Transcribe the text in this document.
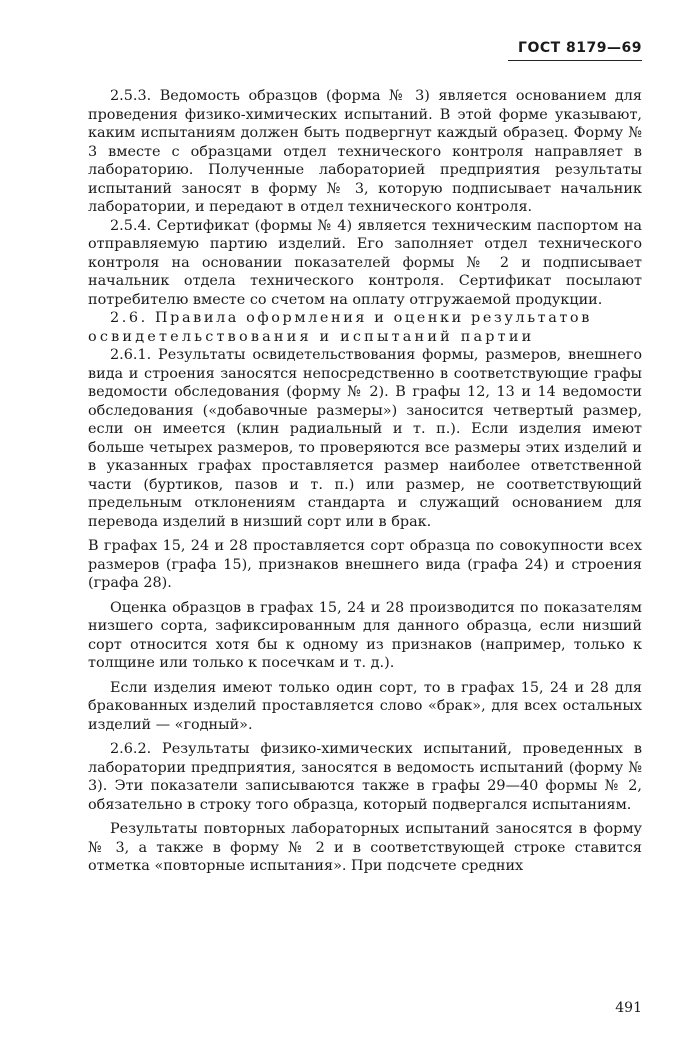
ГОСТ 8179—69

2.5.3. Ведомость образцов (форма № 3) является основанием для проведения физико-химических испытаний. В этой форме указывают, каким испытаниям должен быть подвергнут каждый образец. Форму № 3 вместе с образцами отдел технического контроля направляет в лабораторию. Полученные лабораторией предприятия результаты испытаний заносят в форму № 3, которую подписывает начальник лаборатории, и передают в отдел технического контроля.

2.5.4. Сертификат (формы № 4) является техническим паспортом на отправляемую партию изделий. Его заполняет отдел технического контроля на основании показателей формы № 2 и подписывает начальник отдела технического контроля. Сертификат посылают потребителю вместе со счетом на оплату отгружаемой продукции.

2.6. Правила оформления и оценки результатов

освидетельствования и испытаний партии

2.6.1. Результаты освидетельствования формы, размеров, внешнего вида и строения заносятся непосредственно в соответствующие графы ведомости обследования (форму № 2). В графы 12, 13 и 14 ведомости обследования («добавочные размеры») заносится четвертый размер, если он имеется (клин радиальный и т. п.). Если изделия имеют больше четырех размеров, то проверяются все размеры этих изделий и в указанных графах проставляется размер наиболее ответственной части (буртиков, пазов и т. п.) или размер, не соответствующий предельным отклонениям стандарта и служащий основанием для перевода изделий в низший сорт или в брак.

В графах 15, 24 и 28 проставляется сорт образца по совокупности всех размеров (графа 15), признаков внешнего вида (графа 24) и строения (графа 28).

Оценка образцов в графах 15, 24 и 28 производится по показателям низшего сорта, зафиксированным для данного образца, если низший сорт относится хотя бы к одному из признаков (например, только к толщине или только к посечкам и т. д.).

Если изделия имеют только один сорт, то в графах 15, 24 и 28 для бракованных изделий проставляется слово «брак», для всех остальных изделий — «годный».

2.6.2. Результаты физико-химических испытаний, проведенных в лаборатории предприятия, заносятся в ведомость испытаний (форму № 3). Эти показатели записываются также в графы 29—40 формы № 2, обязательно в строку того образца, который подвергался испытаниям.

Результаты повторных лабораторных испытаний заносятся в форму № 3, а также в форму № 2 и в соответствующей строке ставится отметка «повторные испытания». При подсчете средних

491
